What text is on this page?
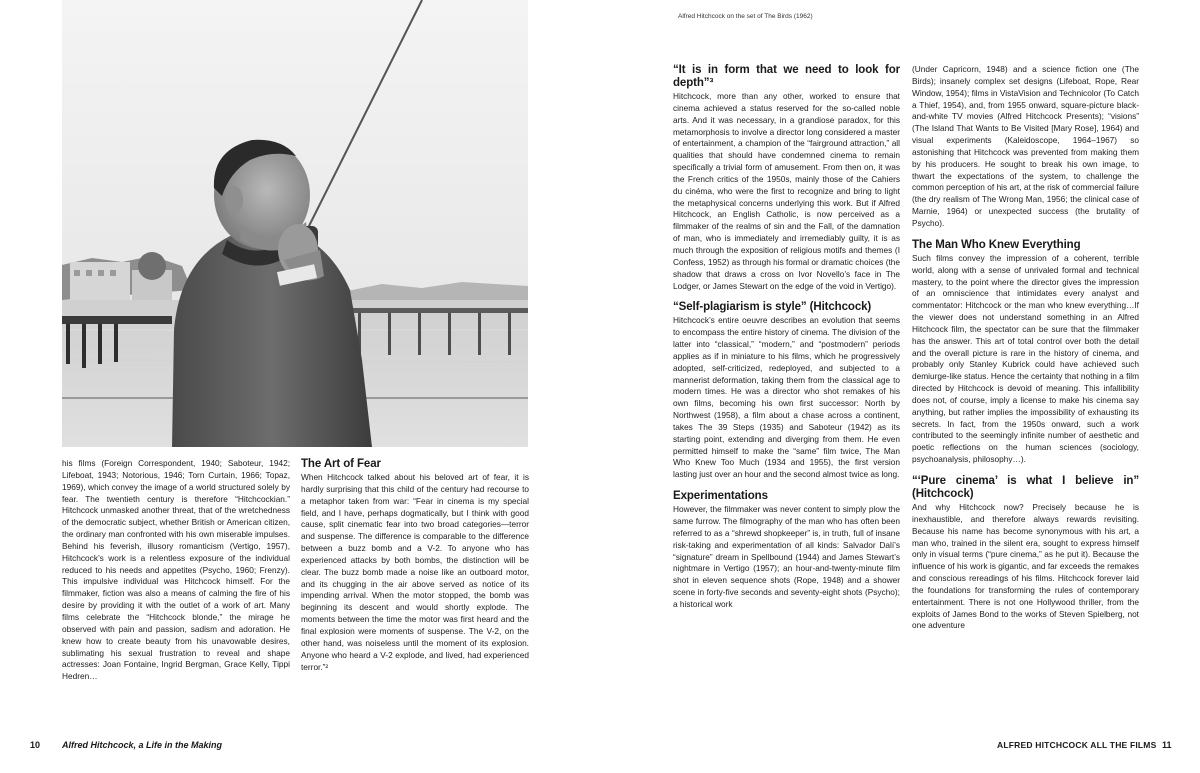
his films (Foreign Correspondent, 1940; Saboteur, 1942; Lifeboat, 1943; Notorious, 1946; Torn Curtain, 1966; Topaz, 1969), which convey the image of a world structured solely by fear. The twentieth century is therefore “Hitchcockian.” Hitchcock unmasked another threat, that of the wretchedness of the democratic subject, whether British or American citizen, the ordinary man confronted with his own miserable impulses. Behind his feverish, illusory romanticism (Vertigo, 1957), Hitchcock’s work is a relentless exposure of the individual reduced to his needs and appetites (Psycho, 1960; Frenzy). This impulsive individual was Hitchcock himself. For the filmmaker, fiction was also a means of calming the fire of his desire by providing it with the outlet of a work of art. Many films celebrate the “Hitchcock blonde,” the mirage he observed with pain and passion, sadism and adoration. He knew how to create beauty from his unavowable desires, sublimating his sexual frustration to reveal and shape actresses: Joan Fontaine, Ingrid Bergman, Grace Kelly, Tippi Hedren…

The Art of Fear

When Hitchcock talked about his beloved art of fear, it is hardly surprising that this child of the century had recourse to a metaphor taken from war: “Fear in cinema is my special field, and I have, perhaps dogmatically, but I think with good cause, split cinematic fear into two broad categories—terror and suspense. The difference is comparable to the difference between a buzz bomb and a V-2. To anyone who has experienced attacks by both bombs, the distinction will be clear. The buzz bomb made a noise like an outboard motor, and its chugging in the air above served as notice of its impending arrival. When the motor stopped, the bomb was beginning its descent and would shortly explode. The moments between the time the motor was first heard and the final explosion were moments of suspense. The V-2, on the other hand, was noiseless until the moment of its explosion. Anyone who heard a V-2 explode, and lived, had experienced terror.”²

10 Alfred Hitchcock, a Life in the Making
Alfred Hitchcock on the set of The Birds (1962)
“It is in form that we need to look for depth”³

Hitchcock, more than any other, worked to ensure that cinema achieved a status reserved for the so-called noble arts. And it was necessary, in a grandiose paradox, for this metamorphosis to involve a director long considered a master of entertainment, a champion of the “fairground attraction,” all qualities that should have condemned cinema to remain specifically a trivial form of amusement. From then on, it was the French critics of the 1950s, mainly those of the Cahiers du cinéma, who were the first to recognize and bring to light the metaphysical concerns underlying this work. But if Alfred Hitchcock, an English Catholic, is now perceived as a filmmaker of the realms of sin and the Fall, of the damnation of man, who is immediately and irremediably guilty, it is as much through the exposition of religious motifs and themes (I Confess, 1952) as through his formal or dramatic choices (the shadow that draws a cross on Ivor Novello’s face in The Lodger, or James Stewart on the edge of the void in Vertigo).

“Self-plagiarism is style” (Hitchcock)

Hitchcock’s entire oeuvre describes an evolution that seems to encompass the entire history of cinema. The division of the latter into “classical,” “modern,” and “postmodern” periods applies as if in miniature to his films, which he progressively adopted, self-criticized, redeployed, and subjected to a mannerist deformation, taking them from the classical age to modern times. He was a director who shot remakes of his own films, becoming his own first successor: North by Northwest (1958), a film about a chase across a continent, takes The 39 Steps (1935) and Saboteur (1942) as its starting point, extending and diverging from them. He even permitted himself to make the “same” film twice, The Man Who Knew Too Much (1934 and 1955), the first version lasting just over an hour and the second almost twice as long.

Experimentations

However, the filmmaker was never content to simply plow the same furrow. The filmography of the man who has often been referred to as a “shrewd shopkeeper” is, in truth, full of insane risk-taking and experimentation of all kinds: Salvador Dalí’s “signature” dream in Spellbound (1944) and James Stewart’s nightmare in Vertigo (1957); an hour-and-twenty-minute film shot in eleven sequence shots (Rope, 1948) and a shower scene in forty-five seconds and seventy-eight shots (Psycho); a historical work

(Under Capricorn, 1948) and a science fiction one (The Birds); insanely complex set designs (Lifeboat, Rope, Rear Window, 1954); films in VistaVision and Technicolor (To Catch a Thief, 1954), and, from 1955 onward, square-picture black-and-white TV movies (Alfred Hitchcock Presents); “visions” (The Island That Wants to Be Visited [Mary Rose], 1964) and visual experiments (Kaleidoscope, 1964–1967) so astonishing that Hitchcock was prevented from making them by his producers. He sought to break his own image, to thwart the expectations of the system, to challenge the common perception of his art, at the risk of commercial failure (the dry realism of The Wrong Man, 1956; the clinical case of Marnie, 1964) or unexpected success (the brutality of Psycho).

The Man Who Knew Everything

Such films convey the impression of a coherent, terrible world, along with a sense of unrivaled formal and technical mastery, to the point where the director gives the impression of an omniscience that intimidates every analyst and commentator: Hitchcock or the man who knew everything…If the viewer does not understand something in an Alfred Hitchcock film, the spectator can be sure that the filmmaker has the answer. This art of total control over both the detail and the overall picture is rare in the history of cinema, and probably only Stanley Kubrick could have achieved such demiurge-like status. Hence the certainty that nothing in a film directed by Hitchcock is devoid of meaning. This infallibility does not, of course, imply a license to make his cinema say anything, but rather implies the impossibility of exhausting its secrets. In fact, from the 1950s onward, such a work contributed to the seemingly infinite number of aesthetic and poetic reflections on the human sciences (sociology, psychoanalysis, philosophy…).

“‘Pure cinema’ is what I believe in” (Hitchcock)

And why Hitchcock now? Precisely because he is inexhaustible, and therefore always rewards revisiting. Because his name has become synonymous with his art, a man who, trained in the silent era, sought to express himself only in visual terms (“pure cinema,” as he put it). Because the influence of his work is gigantic, and far exceeds the remakes and conscious rereadings of his films. Hitchcock forever laid the foundations for transforming the rules of contemporary entertainment. There is not one Hollywood thriller, from the exploits of James Bond to the works of Steven Spielberg, not one adventure

ALFRED HITCHCOCK ALL THE FILMS 11
